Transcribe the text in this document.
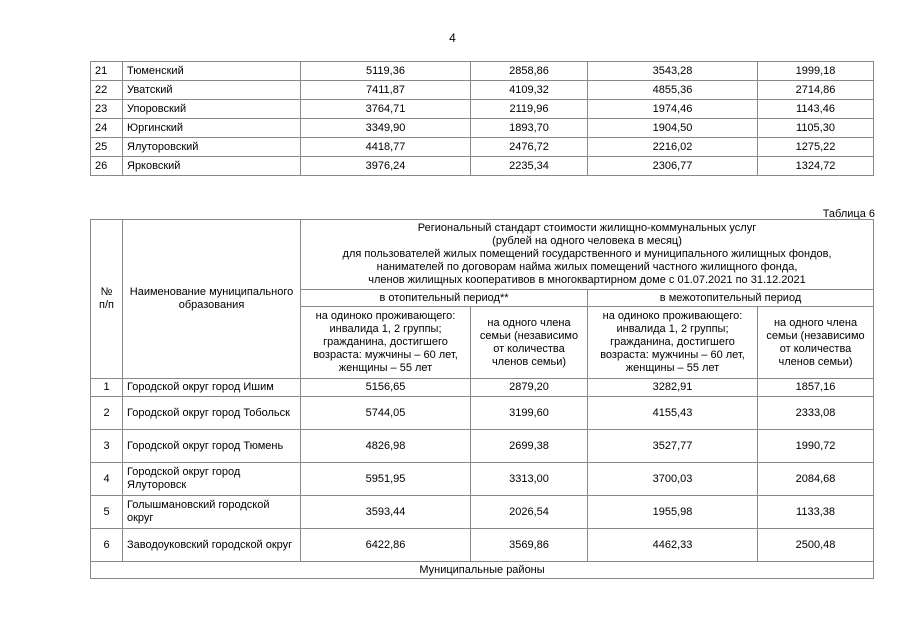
4
21	Тюменский	5119,36	2858,86	3543,28	1999,18
22	Уватский	7411,87	4109,32	4855,36	2714,86
23	Упоровский	3764,71	2119,96	1974,46	1143,46
24	Юргинский	3349,90	1893,70	1904,50	1105,30
25	Ялуторовский	4418,77	2476,72	2216,02	1275,22
26	Ярковский	3976,24	2235,34	2306,77	1324,72
Таблица 6
№ п/п	Наименование муниципального образования	Региональный стандарт стоимости жилищно-коммунальных услуг
(рублей на одного человека в месяц)
для пользователей жилых помещений государственного и муниципального жилищных фондов,
нанимателей по договорам найма жилых помещений частного жилищного фонда,
членов жилищных кооперативов в многоквартирном доме с 01.07.2021 по 31.12.2021			

		в отопительный период**		в межотопительный период	
		на одиноко проживающего: инвалида 1, 2 группы; гражданина, достигшего возраста: мужчины – 60 лет, женщины – 55 лет	на одного члена семьи (независимо от количества членов семьи)	на одиноко проживающего: инвалида 1, 2 группы; гражданина, достигшего возраста: мужчины – 60 лет, женщины – 55 лет	на одного члена семьи (независимо от количества членов семьи)
1	Городской округ город Ишим	5156,65	2879,20	3282,91	1857,16
2	Городской округ город Тобольск	5744,05	3199,60	4155,43	2333,08
3	Городской округ город Тюмень	4826,98	2699,38	3527,77	1990,72
4	Городской округ город Ялуторовск	5951,95	3313,00	3700,03	2084,68
5	Голышмановский городской округ	3593,44	2026,54	1955,98	1133,38
6	Заводоуковский городской округ	6422,86	3569,86	4462,33	2500,48
Муниципальные районы					
